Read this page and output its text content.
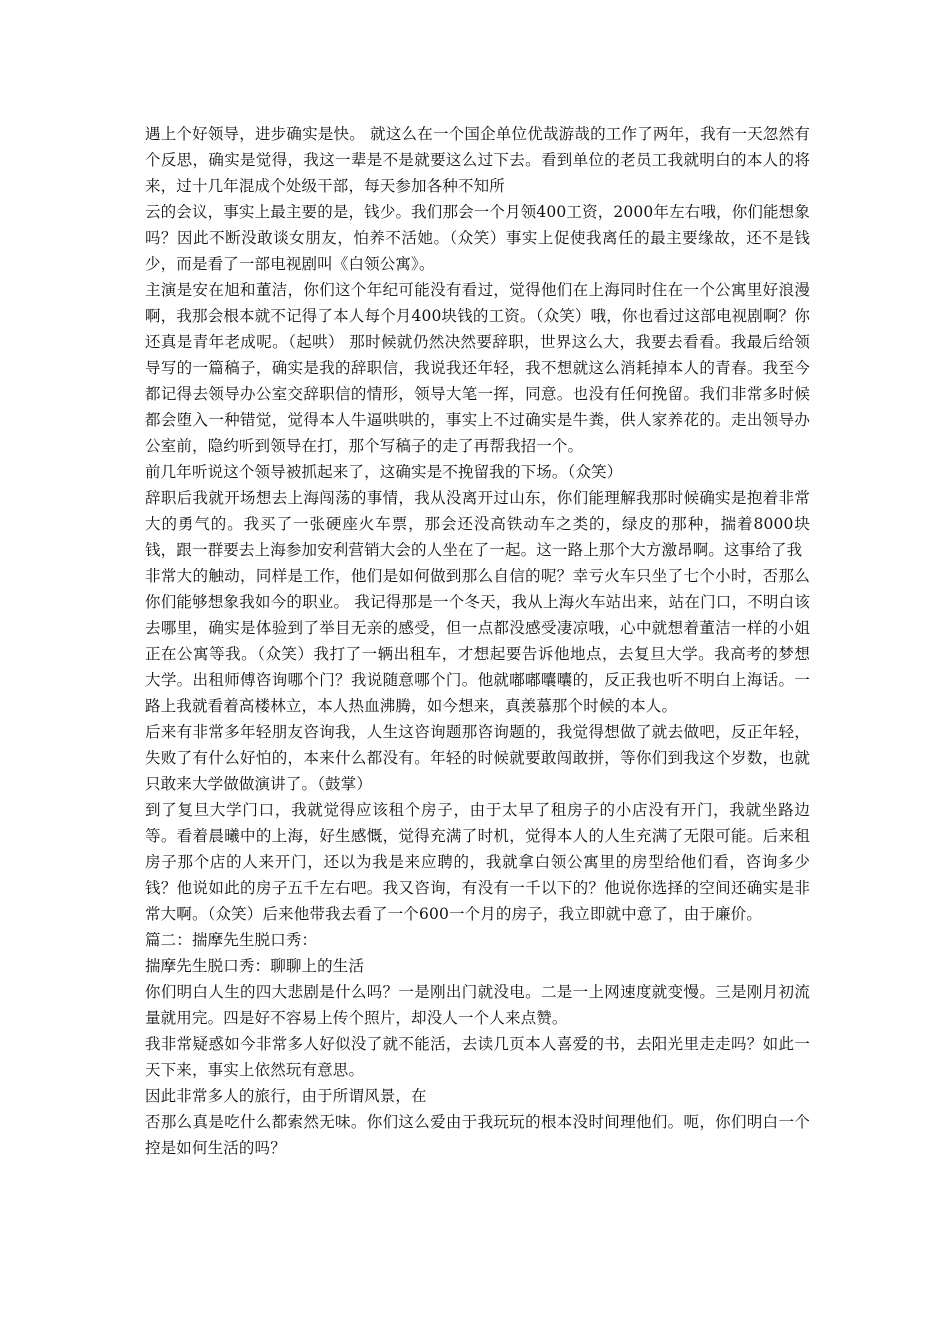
遇上个好领导，进步确实是快。 就这么在一个国企单位优哉游哉的工作了两年，我有一天忽然有个反思，确实是觉得，我这一辈是不是就要这么过下去。看到单位的老员工我就明白的本人的将来，过十几年混成个处级干部，每天参加各种不知所

云的会议，事实上最主要的是，钱少。我们那会一个月领400工资，2000年左右哦，你们能想象吗？因此不断没敢谈女朋友，怕养不活她。（众笑）事实上促使我离任的最主要缘故，还不是钱少，而是看了一部电视剧叫《白领公寓》。

主演是安在旭和董洁，你们这个年纪可能没有看过，觉得他们在上海同时住在一个公寓里好浪漫啊，我那会根本就不记得了本人每个月400块钱的工资。（众笑）哦，你也看过这部电视剧啊？你还真是青年老成呢。（起哄） 那时候就仍然决然要辞职，世界这么大，我要去看看。我最后给领导写的一篇稿子，确实是我的辞职信，我说我还年轻，我不想就这么消耗掉本人的青春。我至今都记得去领导办公室交辞职信的情形，领导大笔一挥，同意。也没有任何挽留。我们非常多时候都会堕入一种错觉，觉得本人牛逼哄哄的，事实上不过确实是牛粪，供人家养花的。走出领导办公室前，隐约听到领导在打，那个写稿子的走了再帮我招一个。

前几年听说这个领导被抓起来了，这确实是不挽留我的下场。（众笑）

辞职后我就开场想去上海闯荡的事情，我从没离开过山东，你们能理解我那时候确实是抱着非常大的勇气的。我买了一张硬座火车票，那会还没高铁动车之类的，绿皮的那种，揣着8000块钱，跟一群要去上海参加安利营销大会的人坐在了一起。这一路上那个大方激昂啊。这事给了我

非常大的触动，同样是工作，他们是如何做到那么自信的呢？幸亏火车只坐了七个小时，否那么你们能够想象我如今的职业。 我记得那是一个冬天，我从上海火车站出来，站在门口，不明白该去哪里，确实是体验到了举目无亲的感受，但一点都没感受凄凉哦，心中就想着董洁一样的小姐正在公寓等我。（众笑）我打了一辆出租车，才想起要告诉他地点，去复旦大学。我高考的梦想大学。出租师傅咨询哪个门？我说随意哪个门。他就嘟嘟囔囔的，反正我也听不明白上海话。一路上我就看着高楼林立，本人热血沸腾，如今想来，真羡慕那个时候的本人。

后来有非常多年轻朋友咨询我，人生这咨询题那咨询题的，我觉得想做了就去做吧，反正年轻，失败了有什么好怕的，本来什么都没有。年轻的时候就要敢闯敢拼，等你们到我这个岁数，也就只敢来大学做做演讲了。（鼓掌）

到了复旦大学门口，我就觉得应该租个房子，由于太早了租房子的小店没有开门，我就坐路边等。看着晨曦中的上海，好生感慨，觉得充满了时机，觉得本人的人生充满了无限可能。后来租房子那个店的人来开门，还以为我是来应聘的，我就拿白领公寓里的房型给他们看，咨询多少钱？他说如此的房子五千左右吧。我又咨询，有没有一千以下的？他说你选择的空间还确实是非常大啊。（众笑）后来他带我去看了一个600一个月的房子，我立即就中意了，由于廉价。

篇二：揣摩先生脱口秀：

揣摩先生脱口秀：聊聊上的生活

你们明白人生的四大悲剧是什么吗？一是刚出门就没电。二是一上网速度就变慢。三是刚月初流量就用完。四是好不容易上传个照片，却没人一个人来点赞。

我非常疑惑如今非常多人好似没了就不能活，去读几页本人喜爱的书，去阳光里走走吗？如此一天下来，事实上依然玩有意思。

因此非常多人的旅行，由于所谓风景，在

否那么真是吃什么都索然无味。你们这么爱由于我玩玩的根本没时间理他们。呃，你们明白一个控是如何生活的吗？
